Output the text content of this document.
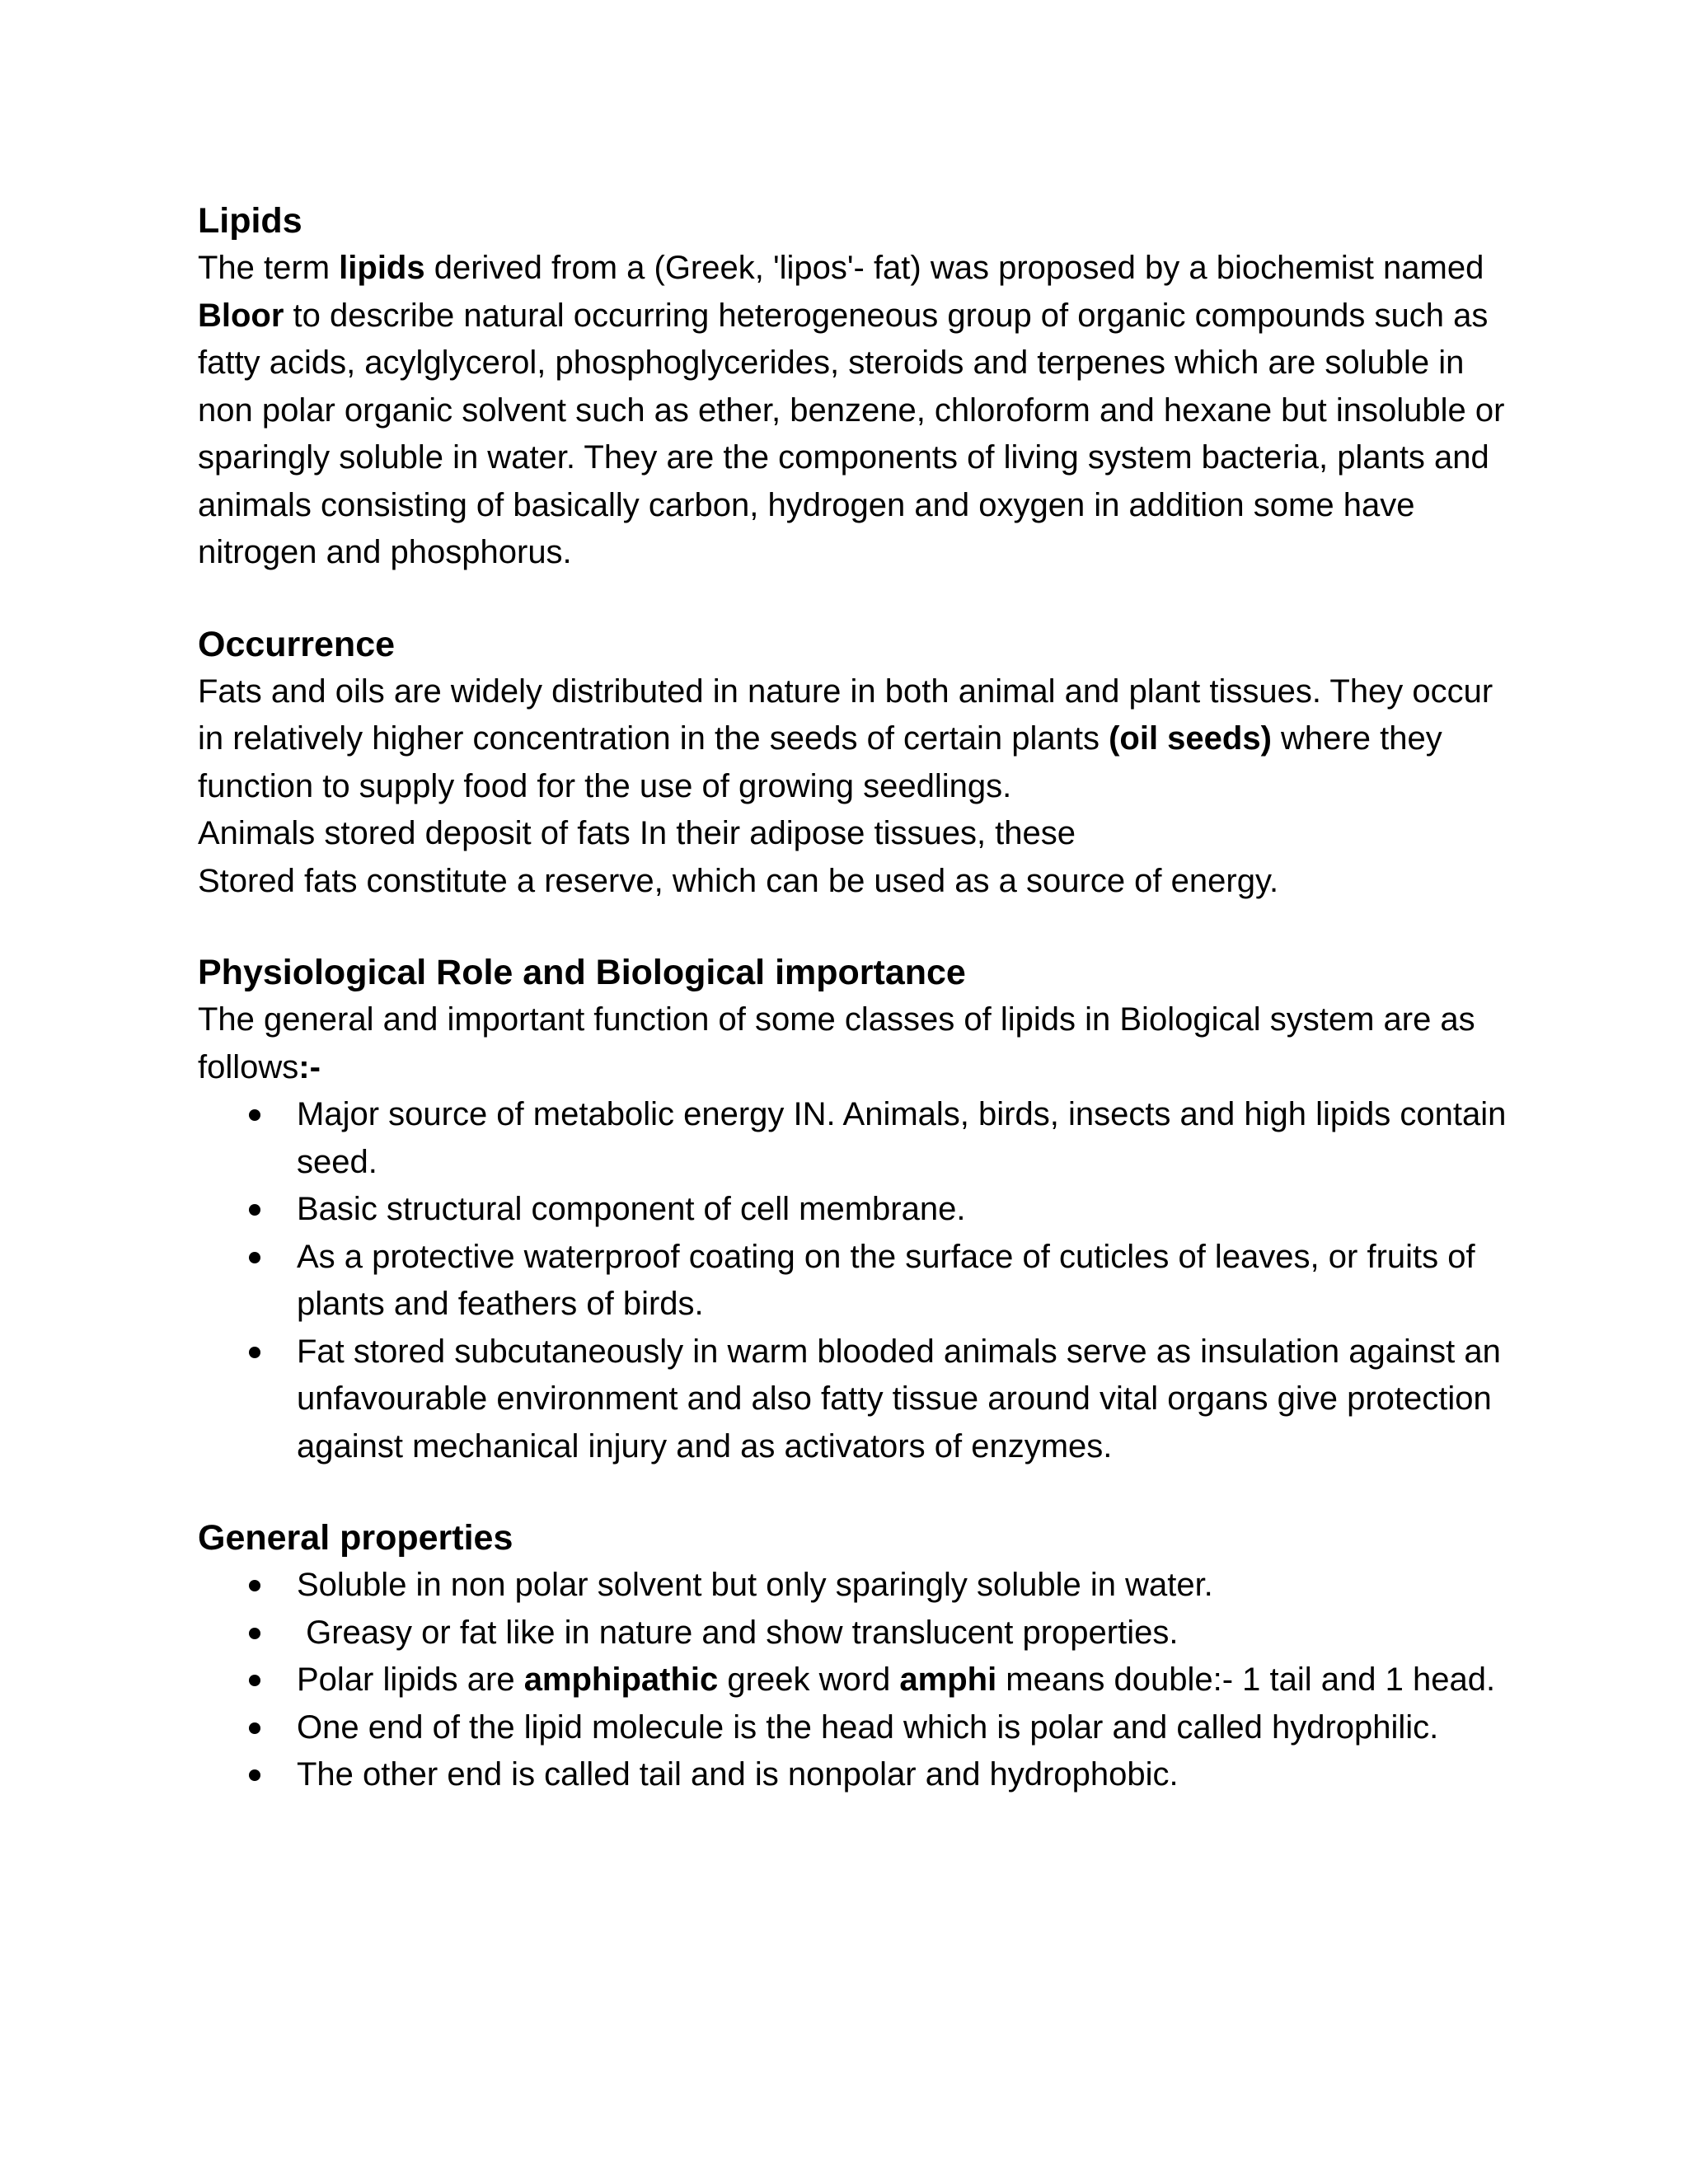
Lipids

The term lipids derived from a (Greek, 'lipos'- fat) was proposed by a biochemist named Bloor to describe natural occurring heterogeneous group of organic compounds such as fatty acids, acylglycerol, phosphoglycerides, steroids and terpenes which are soluble in non polar organic solvent such as ether, benzene, chloroform and hexane but insoluble or sparingly soluble in water. They are the components of living system bacteria, plants and animals consisting of basically carbon, hydrogen and oxygen in addition some have nitrogen and phosphorus.

Occurrence

Fats and oils are widely distributed in nature in both animal and plant tissues. They occur in relatively higher concentration in the seeds of certain plants (oil seeds) where they function to supply food for the use of growing seedlings.

Animals stored deposit of fats In their adipose tissues, these

Stored fats constitute a reserve, which can be used as a source of energy.

Physiological Role and Biological importance

The general and important function of some classes of lipids in Biological system are as follows:-

Major source of metabolic energy IN. Animals, birds, insects and high lipids contain seed.
Basic structural component of cell membrane.
As a protective waterproof coating on the surface of cuticles of leaves, or fruits of plants and feathers of birds.
Fat stored subcutaneously in warm blooded animals serve as insulation against an unfavourable environment and also fatty tissue around vital organs give protection against mechanical injury and as activators of enzymes.
General properties
Soluble in non polar solvent but only sparingly soluble in water.
Greasy or fat like in nature and show translucent properties.
Polar lipids are amphipathic greek word amphi means double:- 1 tail and 1 head.
One end of the lipid molecule is the head which is polar and called hydrophilic.
The other end is called tail and is nonpolar and hydrophobic.
